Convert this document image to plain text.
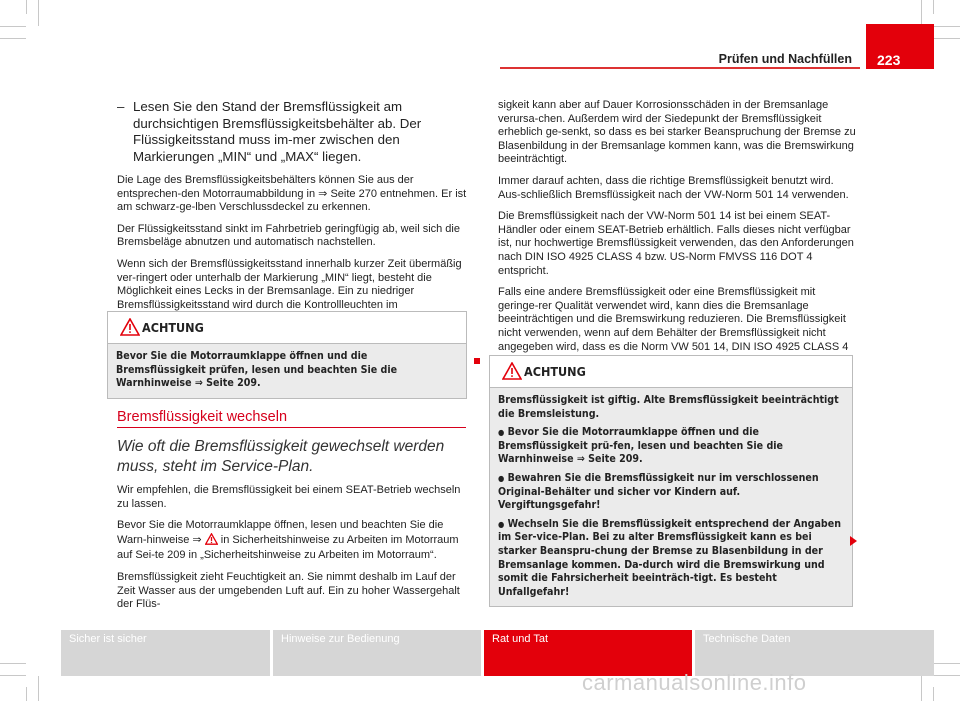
Prüfen und Nachfüllen	223
– Lesen Sie den Stand der Bremsflüssigkeit am durchsichtigen Bremsflüssigkeitsbehälter ab. Der Flüssigkeitsstand muss im-mer zwischen den Markierungen „MIN“ und „MAX“ liegen.

Die Lage des Bremsflüssigkeitsbehälters können Sie aus der entsprechen-den Motorraumabbildung in ⇒ Seite 270 entnehmen. Er ist am schwarz-ge-lben Verschlussdeckel zu erkennen.

Der Flüssigkeitsstand sinkt im Fahrbetrieb geringfügig ab, weil sich die Bremsbeläge abnutzen und automatisch nachstellen.

Wenn sich der Bremsflüssigkeitsstand innerhalb kurzer Zeit übermäßig ver-ringert oder unterhalb der Markierung „MIN“ liegt, besteht die Möglichkeit eines Lecks in der Bremsanlage. Ein zu niedriger Bremsflüssigkeitsstand wird durch die Kontrollleuchten im

ACHTUNG

Bevor Sie die Motorraumklappe öffnen und die Bremsflüssigkeit prüfen, lesen und beachten Sie die Warnhinweise ⇒ Seite 209.

Bremsflüssigkeit wechseln
Wie oft die Bremsflüssigkeit gewechselt werden muss, steht im Service-Plan.

Wir empfehlen, die Bremsflüssigkeit bei einem SEAT-Betrieb wechseln zu lassen.

Bevor Sie die Motorraumklappe öffnen, lesen und beachten Sie die Warn-hinweise ⇒  in Sicherheitshinweise zu Arbeiten im Motorraum auf Sei-te 209 in „Sicherheitshinweise zu Arbeiten im Motorraum“.

Bremsflüssigkeit zieht Feuchtigkeit an. Sie nimmt deshalb im Lauf der Zeit Wasser aus der umgebenden Luft auf. Ein zu hoher Wassergehalt der Flüs-

sigkeit kann aber auf Dauer Korrosionsschäden in der Bremsanlage verursa-chen. Außerdem wird der Siedepunkt der Bremsflüssigkeit erheblich ge-senkt, so dass es bei starker Beanspruchung der Bremse zu Blasenbildung in der Bremsanlage kommen kann, was die Bremswirkung beeinträchtigt.

Immer darauf achten, dass die richtige Bremsflüssigkeit benutzt wird. Aus-schließlich Bremsflüssigkeit nach der VW-Norm 501 14 verwenden.

Die Bremsflüssigkeit nach der VW-Norm 501 14 ist bei einem SEAT-Händler oder einem SEAT-Betrieb erhältlich. Falls dieses nicht verfügbar ist, nur hochwertige Bremsflüssigkeit verwenden, das den Anforderungen nach DIN ISO 4925 CLASS 4 bzw. US-Norm FMVSS 116 DOT 4 entspricht.

Falls eine andere Bremsflüssigkeit oder eine Bremsflüssigkeit mit geringe-rer Qualität verwendet wird, kann dies die Bremsanlage beeinträchtigen und die Bremswirkung reduzieren. Die Bremsflüssigkeit nicht verwenden, wenn auf dem Behälter der Bremsflüssigkeit nicht angegeben wird, dass es die Norm VW 501 14, DIN ISO 4925 CLASS 4

ACHTUNG

Bremsflüssigkeit ist giftig. Alte Bremsflüssigkeit beeinträchtigt die Bremsleistung.

● Bevor Sie die Motorraumklappe öffnen und die Bremsflüssigkeit prü-fen, lesen und beachten Sie die Warnhinweise ⇒ Seite 209.

● Bewahren Sie die Bremsflüssigkeit nur im verschlossenen Original-Behälter und sicher vor Kindern auf. Vergiftungsgefahr!

● Wechseln Sie die Bremsflüssigkeit entsprechend der Angaben im Ser-vice-Plan. Bei zu alter Bremsflüssigkeit kann es bei starker Beanspru-chung der Bremse zu Blasenbildung in der Bremsanlage kommen. Da-durch wird die Bremswirkung und somit die Fahrsicherheit beeinträch-tigt. Es besteht Unfallgefahr!

Sicher ist sicher	Hinweise zur Bedienung	Rat und Tat	Technische Daten
carmanualsonline.info
